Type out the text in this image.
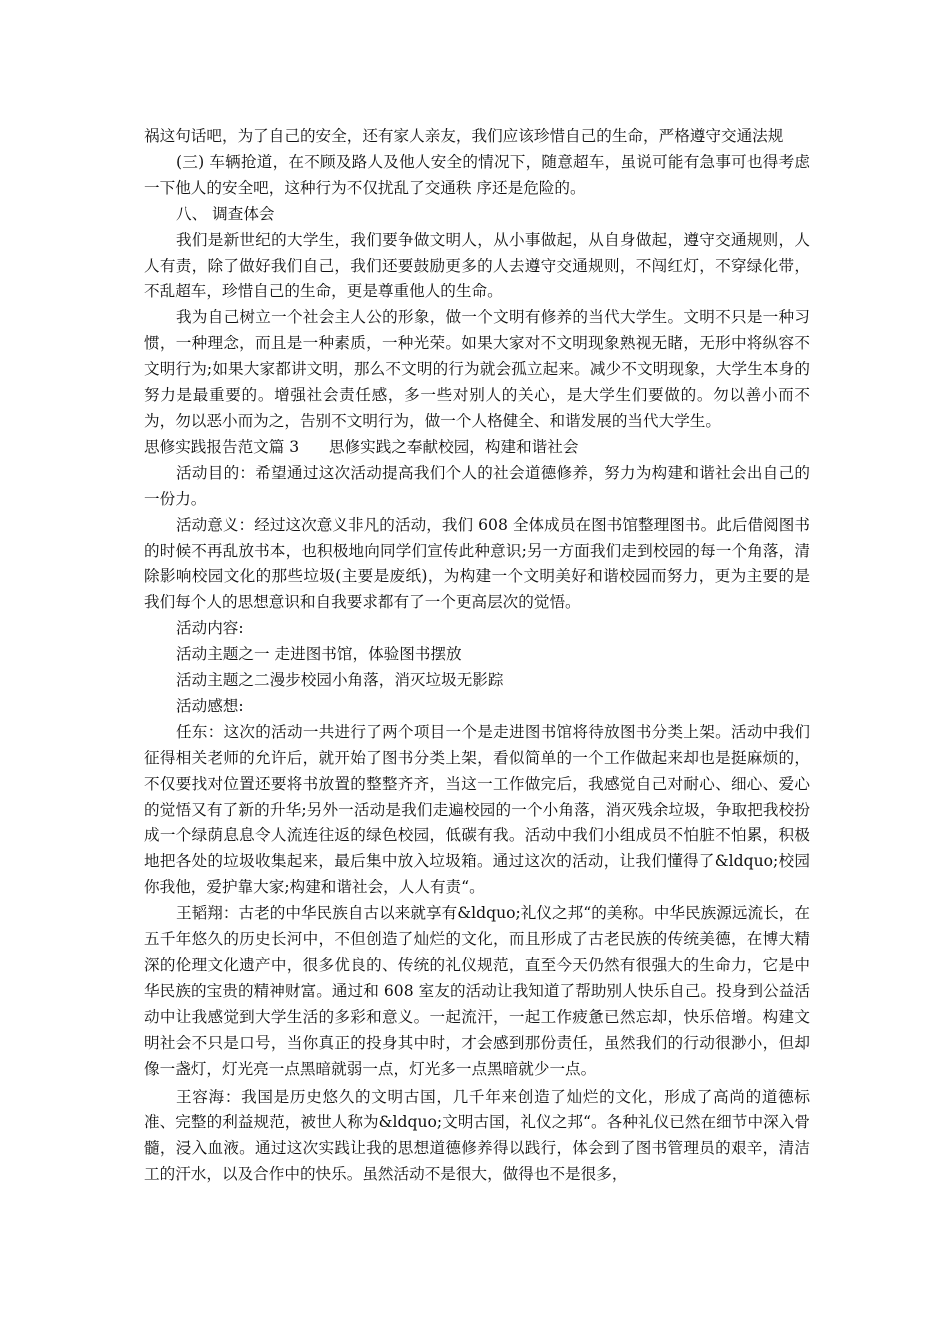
祸这句话吧，为了自己的安全，还有家人亲友，我们应该珍惜自己的生命，严格遵守交通法规

(三) 车辆抢道，在不顾及路人及他人安全的情况下，随意超车，虽说可能有急事可也得考虑一下他人的安全吧，这种行为不仅扰乱了交通秩 序还是危险的。

八、 调查体会

我们是新世纪的大学生，我们要争做文明人，从小事做起，从自身做起，遵守交通规则，人人有责，除了做好我们自己，我们还要鼓励更多的人去遵守交通规则，不闯红灯，不穿绿化带，不乱超车，珍惜自己的生命，更是尊重他人的生命。

我为自己树立一个社会主人公的形象，做一个文明有修养的当代大学生。文明不只是一种习惯，一种理念，而且是一种素质，一种光荣。如果大家对不文明现象熟视无睹，无形中将纵容不文明行为;如果大家都讲文明，那么不文明的行为就会孤立起来。减少不文明现象，大学生本身的努力是最重要的。增强社会责任感，多一些对别人的关心，是大学生们要做的。勿以善小而不为，勿以恶小而为之，告别不文明行为，做一个人格健全、和谐发展的当代大学生。

思修实践报告范文篇 3      思修实践之奉献校园，构建和谐社会

活动目的：希望通过这次活动提高我们个人的社会道德修养，努力为构建和谐社会出自己的一份力。

活动意义：经过这次意义非凡的活动，我们 608 全体成员在图书馆整理图书。此后借阅图书的时候不再乱放书本，也积极地向同学们宣传此种意识;另一方面我们走到校园的每一个角落，清除影响校园文化的那些垃圾(主要是废纸)，为构建一个文明美好和谐校园而努力，更为主要的是我们每个人的思想意识和自我要求都有了一个更高层次的觉悟。

活动内容:

活动主题之一 走进图书馆，体验图书摆放

活动主题之二漫步校园小角落，消灭垃圾无影踪

活动感想:

任东：这次的活动一共进行了两个项目一个是走进图书馆将待放图书分类上架。活动中我们征得相关老师的允许后，就开始了图书分类上架，看似简单的一个工作做起来却也是挺麻烦的，不仅要找对位置还要将书放置的整整齐齐，当这一工作做完后，我感觉自己对耐心、细心、爱心的觉悟又有了新的升华;另外一活动是我们走遍校园的一个小角落，消灭残余垃圾，争取把我校扮成一个绿荫息息令人流连往返的绿色校园，低碳有我。活动中我们小组成员不怕脏不怕累，积极地把各处的垃圾收集起来，最后集中放入垃圾箱。通过这次的活动，让我们懂得了&ldquo;校园你我他，爱护靠大家;构建和谐社会，人人有责“。

王韬翔：古老的中华民族自古以来就享有&ldquo;礼仪之邦“的美称。中华民族源远流长，在五千年悠久的历史长河中，不但创造了灿烂的文化，而且形成了古老民族的传统美德，在博大精深的伦理文化遗产中，很多优良的、传统的礼仪规范，直至今天仍然有很强大的生命力，它是中华民族的宝贵的精神财富。通过和 608 室友的活动让我知道了帮助别人快乐自己。投身到公益活动中让我感觉到大学生活的多彩和意义。一起流汗，一起工作疲惫已然忘却，快乐倍增。构建文明社会不只是口号，当你真正的投身其中时，才会感到那份责任，虽然我们的行动很渺小，但却像一盏灯，灯光亮一点黑暗就弱一点，灯光多一点黑暗就少一点。

王容海：我国是历史悠久的文明古国，几千年来创造了灿烂的文化，形成了高尚的道德标准、完整的利益规范，被世人称为&ldquo;文明古国，礼仪之邦“。各种礼仪已然在细节中深入骨髓，浸入血液。通过这次实践让我的思想道德修养得以践行，体会到了图书管理员的艰辛，清洁工的汗水，以及合作中的快乐。虽然活动不是很大，做得也不是很多，
